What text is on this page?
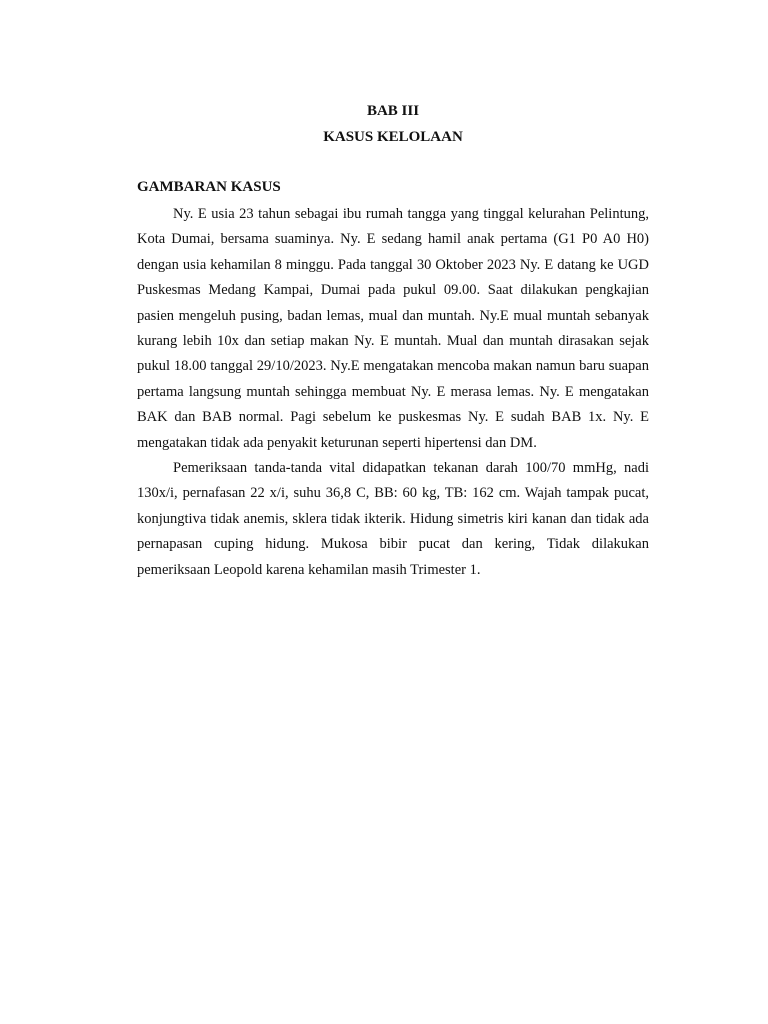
BAB III
KASUS KELOLAAN
GAMBARAN KASUS

Ny. E usia 23 tahun sebagai ibu rumah tangga yang tinggal kelurahan Pelintung, Kota Dumai, bersama suaminya. Ny. E sedang hamil anak pertama (G1 P0 A0 H0) dengan usia kehamilan 8 minggu. Pada tanggal 30 Oktober 2023 Ny. E datang ke UGD Puskesmas Medang Kampai, Dumai pada pukul 09.00. Saat dilakukan pengkajian pasien mengeluh pusing, badan lemas, mual dan muntah. Ny.E mual muntah sebanyak kurang lebih 10x dan setiap makan Ny. E muntah. Mual dan muntah dirasakan sejak pukul 18.00 tanggal 29/10/2023. Ny.E mengatakan mencoba makan namun baru suapan pertama langsung muntah sehingga membuat Ny. E merasa lemas. Ny. E mengatakan BAK dan BAB normal. Pagi sebelum ke puskesmas Ny. E sudah BAB 1x. Ny. E mengatakan tidak ada penyakit keturunan seperti hipertensi dan DM.

Pemeriksaan tanda-tanda vital didapatkan tekanan darah 100/70 mmHg, nadi 130x/i, pernafasan 22 x/i, suhu 36,8 C, BB: 60 kg, TB: 162 cm. Wajah tampak pucat, konjungtiva tidak anemis, sklera tidak ikterik. Hidung simetris kiri kanan dan tidak ada pernapasan cuping hidung. Mukosa bibir pucat dan kering, Tidak dilakukan pemeriksaan Leopold karena kehamilan masih Trimester 1.
